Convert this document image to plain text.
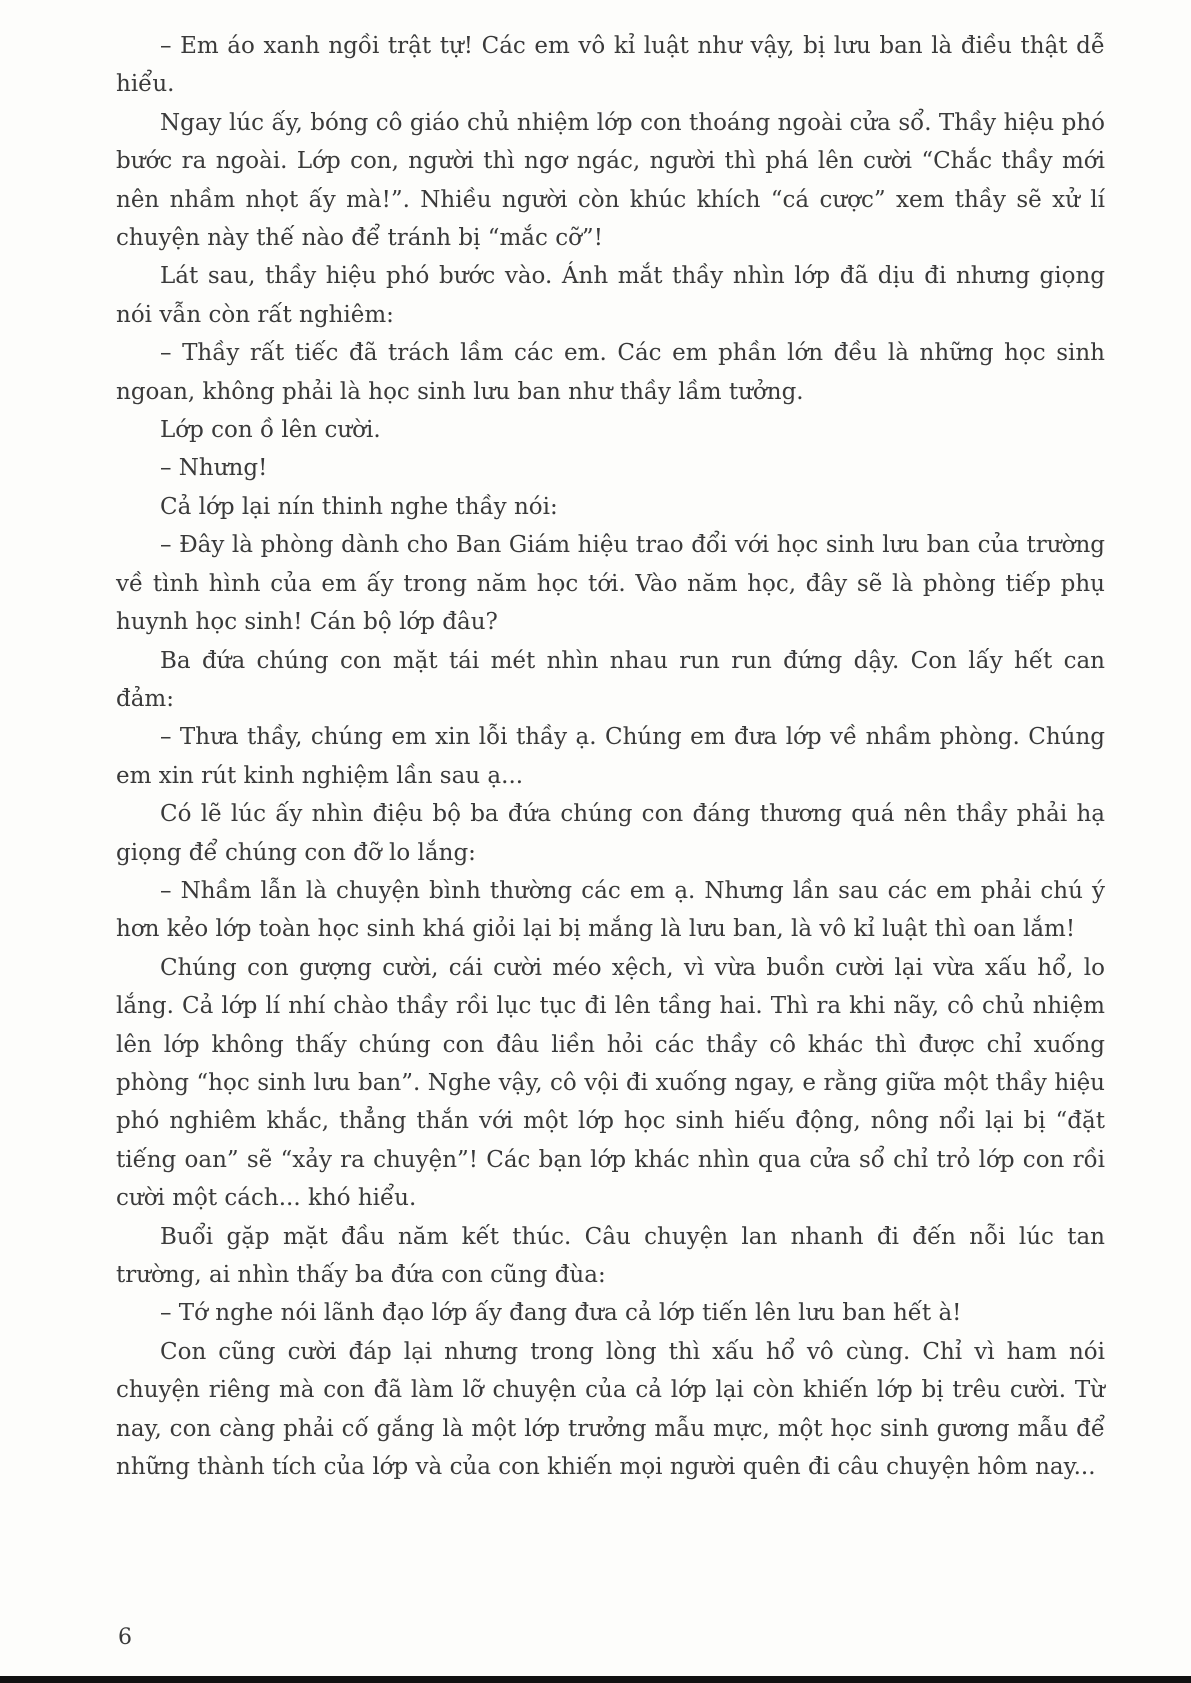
– Em áo xanh ngồi trật tự! Các em vô kỉ luật như vậy, bị lưu ban là điều thật dễ hiểu.

Ngay lúc ấy, bóng cô giáo chủ nhiệm lớp con thoáng ngoài cửa sổ. Thầy hiệu phó bước ra ngoài. Lớp con, người thì ngơ ngác, người thì phá lên cười “Chắc thầy mới nên nhầm nhọt ấy mà!”. Nhiều người còn khúc khích “cá cược” xem thầy sẽ xử lí chuyện này thế nào để tránh bị “mắc cỡ”!

Lát sau, thầy hiệu phó bước vào. Ánh mắt thầy nhìn lớp đã dịu đi nhưng giọng nói vẫn còn rất nghiêm:

– Thầy rất tiếc đã trách lầm các em. Các em phần lớn đều là những học sinh ngoan, không phải là học sinh lưu ban như thầy lầm tưởng.

Lớp con ồ lên cười.

– Nhưng!

Cả lớp lại nín thinh nghe thầy nói:

– Đây là phòng dành cho Ban Giám hiệu trao đổi với học sinh lưu ban của trường về tình hình của em ấy trong năm học tới. Vào năm học, đây sẽ là phòng tiếp phụ huynh học sinh! Cán bộ lớp đâu?

Ba đứa chúng con mặt tái mét nhìn nhau run run đứng dậy. Con lấy hết can đảm:

– Thưa thầy, chúng em xin lỗi thầy ạ. Chúng em đưa lớp về nhầm phòng. Chúng em xin rút kinh nghiệm lần sau ạ...

Có lẽ lúc ấy nhìn điệu bộ ba đứa chúng con đáng thương quá nên thầy phải hạ giọng để chúng con đỡ lo lắng:

– Nhầm lẫn là chuyện bình thường các em ạ. Nhưng lần sau các em phải chú ý hơn kẻo lớp toàn học sinh khá giỏi lại bị mắng là lưu ban, là vô kỉ luật thì oan lắm!

Chúng con gượng cười, cái cười méo xệch, vì vừa buồn cười lại vừa xấu hổ, lo lắng. Cả lớp lí nhí chào thầy rồi lục tục đi lên tầng hai. Thì ra khi nãy, cô chủ nhiệm lên lớp không thấy chúng con đâu liền hỏi các thầy cô khác thì được chỉ xuống phòng “học sinh lưu ban”. Nghe vậy, cô vội đi xuống ngay, e rằng giữa một thầy hiệu phó nghiêm khắc, thẳng thắn với một lớp học sinh hiếu động, nông nổi lại bị “đặt tiếng oan” sẽ “xảy ra chuyện”! Các bạn lớp khác nhìn qua cửa sổ chỉ trỏ lớp con rồi cười một cách... khó hiểu.

Buổi gặp mặt đầu năm kết thúc. Câu chuyện lan nhanh đi đến nỗi lúc tan trường, ai nhìn thấy ba đứa con cũng đùa:

– Tớ nghe nói lãnh đạo lớp ấy đang đưa cả lớp tiến lên lưu ban hết à!

Con cũng cười đáp lại nhưng trong lòng thì xấu hổ vô cùng. Chỉ vì ham nói chuyện riêng mà con đã làm lỡ chuyện của cả lớp lại còn khiến lớp bị trêu cười. Từ nay, con càng phải cố gắng là một lớp trưởng mẫu mực, một học sinh gương mẫu để những thành tích của lớp và của con khiến mọi người quên đi câu chuyện hôm nay...

6
